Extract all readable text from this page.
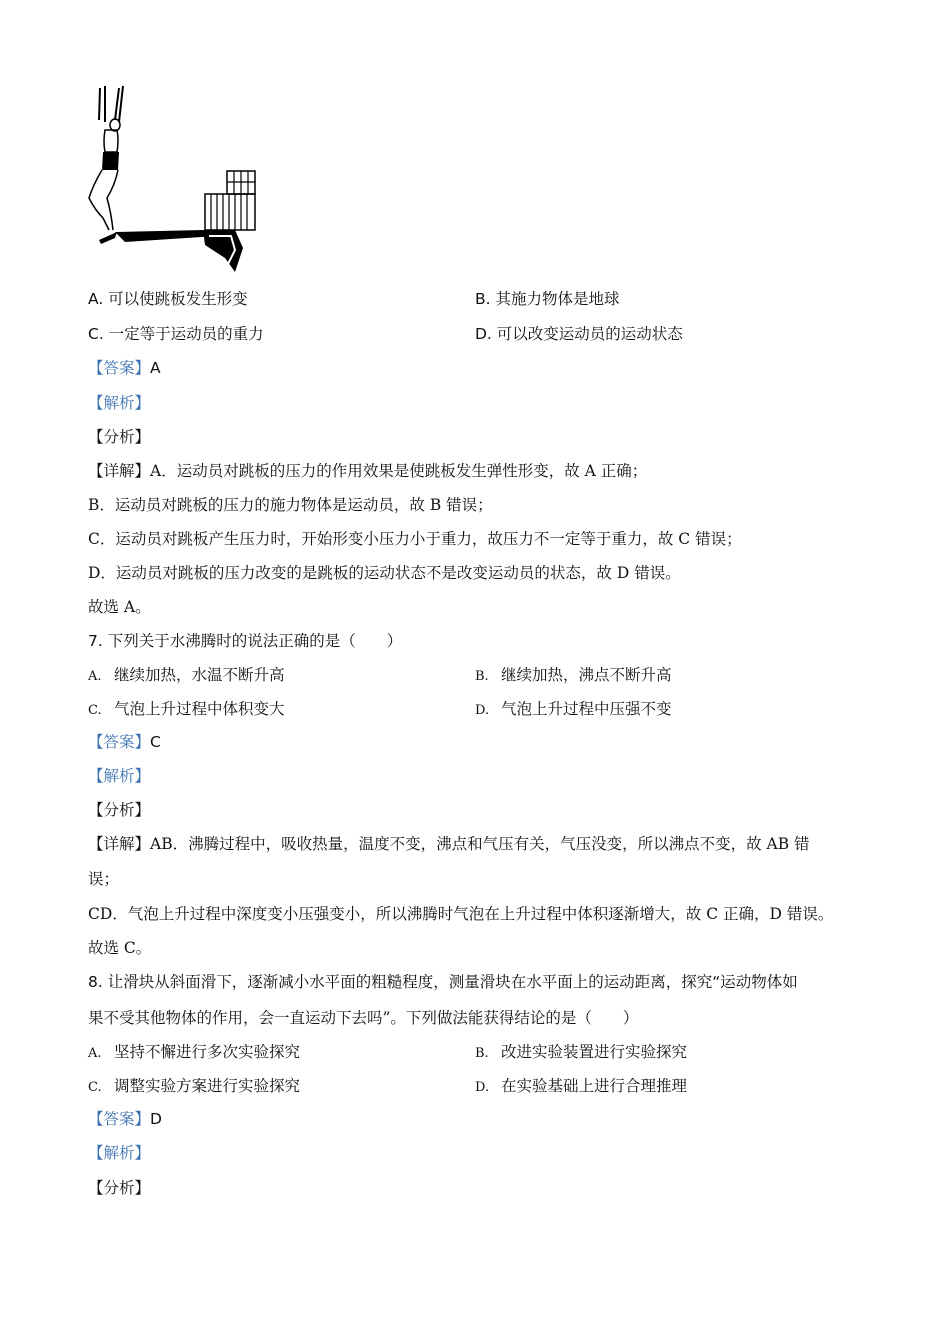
A. 可以使跳板发生形变	B. 其施力物体是地球
C. 一定等于运动员的重力	D. 可以改变运动员的运动状态
【答案】A
【解析】
【分析】
【详解】A．运动员对跳板的压力的作用效果是使跳板发生弹性形变，故 A 正确；
B．运动员对跳板的压力的施力物体是运动员，故 B 错误；
C．运动员对跳板产生压力时，开始形变小压力小于重力，故压力不一定等于重力，故 C 错误；
D．运动员对跳板的压力改变的是跳板的运动状态不是改变运动员的状态，故 D 错误。
故选 A。
7. 下列关于水沸腾时的说法正确的是（　　）
A. 继续加热，水温不断升高	B. 继续加热，沸点不断升高
C. 气泡上升过程中体积变大	D. 气泡上升过程中压强不变
【答案】C
【解析】
【分析】
【详解】AB．沸腾过程中，吸收热量，温度不变，沸点和气压有关，气压没变，所以沸点不变，故 AB 错
误；
CD．气泡上升过程中深度变小压强变小，所以沸腾时气泡在上升过程中体积逐渐增大，故 C 正确，D 错误。
故选 C。
8. 让滑块从斜面滑下，逐渐减小水平面的粗糙程度，测量滑块在水平面上的运动距离，探究“运动物体如
果不受其他物体的作用，会一直运动下去吗”。下列做法能获得结论的是（　　）
A. 坚持不懈进行多次实验探究	B. 改进实验装置进行实验探究
C. 调整实验方案进行实验探究	D. 在实验基础上进行合理推理
【答案】D
【解析】
【分析】
